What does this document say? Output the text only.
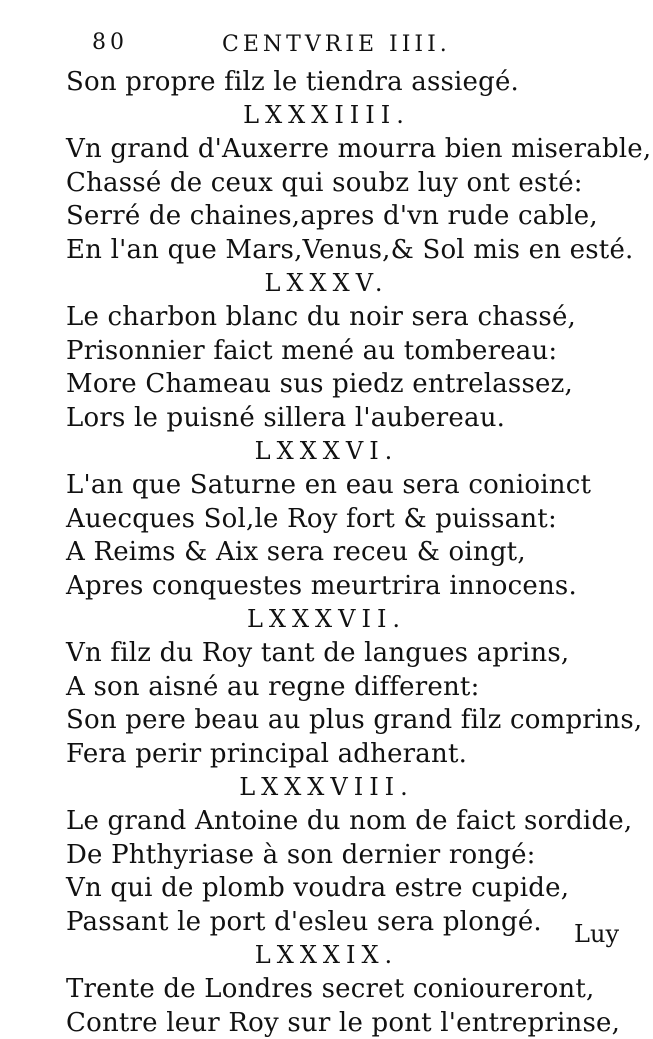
80	CENTVRIE IIII.
Son propre filz le tiendra assiegé.
LXXXIIII.
Vn grand d'Auxerre mourra bien miserable,
Chassé de ceux qui soubz luy ont esté:
Serré de chaines,apres d'vn rude cable,
En l'an que Mars,Venus,& Sol mis en esté.
LXXXV.
Le charbon blanc du noir sera chassé,
Prisonnier faict mené au tombereau:
More Chameau sus piedz entrelassez,
Lors le puisné sillera l'aubereau.
LXXXVI.
L'an que Saturne en eau sera conioinct
Auecques Sol,le Roy fort & puissant:
A Reims & Aix sera receu & oingt,
Apres conquestes meurtrira innocens.
LXXXVII.
Vn filz du Roy tant de langues aprins,
A son aisné au regne different:
Son pere beau au plus grand filz comprins,
Fera perir principal adherant.
LXXXVIII.
Le grand Antoine du nom de faict sordide,
De Phthyriase à son dernier rongé:
Vn qui de plomb voudra estre cupide,
Passant le port d'esleu sera plongé.
LXXXIX.
Trente de Londres secret conioureront,
Contre leur Roy sur le pont l'entreprinse,
Luy
